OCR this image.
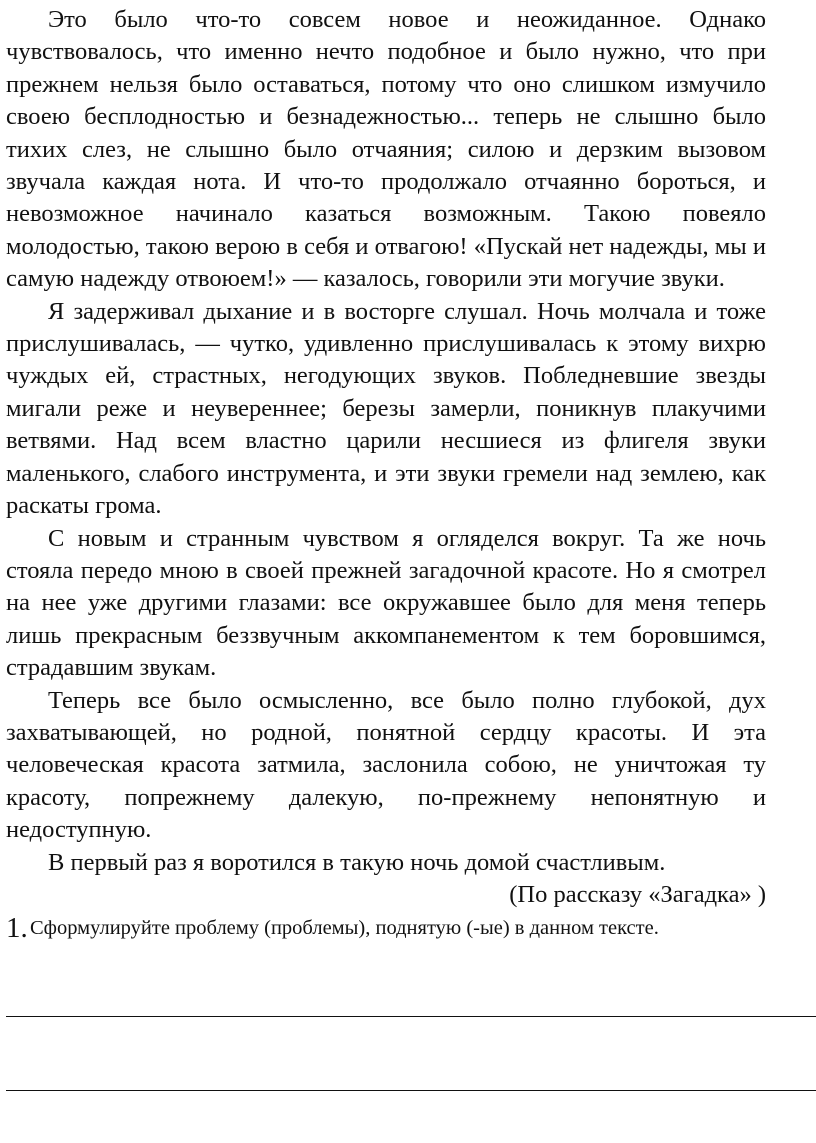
Это было что-то совсем новое и неожиданное. Однако чувствовалось, что именно нечто подобное и было нужно, что при прежнем нельзя было оставаться, потому что оно слишком измучило своею бесплодностью и безнадежностью... теперь не слышно было тихих слез, не слышно было отчаяния; силою и дерзким вызовом звучала каждая нота. И что-то продолжало отчаянно бороться, и невозможное начинало казаться возможным. Такою повеяло молодостью, такою верою в себя и отвагою! «Пускай нет надежды, мы и самую надежду отвоюем!» — казалось, говорили эти могучие звуки.

Я задерживал дыхание и в восторге слушал. Ночь молчала и тоже прислушивалась, — чутко, удивленно прислушивалась к этому вихрю чуждых ей, страстных, негодующих звуков. Побледневшие звезды мигали реже и неувереннее; березы замерли, поникнув плакучими ветвями. Над всем властно царили несшиеся из флигеля звуки маленького, слабого инструмента, и эти звуки гремели над землею, как раскаты грома.

С новым и странным чувством я огляделся вокруг. Та же ночь стояла передо мною в своей прежней загадочной красоте. Но я смотрел на нее уже другими глазами: все окружавшее было для меня теперь лишь прекрасным беззвучным аккомпанементом к тем боровшимся, страдавшим звукам.

Теперь все было осмысленно, все было полно глубокой, дух захватывающей, но родной, понятной сердцу красоты. И эта человеческая красота затмила, заслонила собою, не уничтожая ту красоту, попрежнему далекую, по-прежнему непонятную и недоступную.

В первый раз я воротился в такую ночь домой счастливым.

(По рассказу «Загадка» )

1. Сформулируйте проблему (проблемы), поднятую (-ые) в данном тексте.
